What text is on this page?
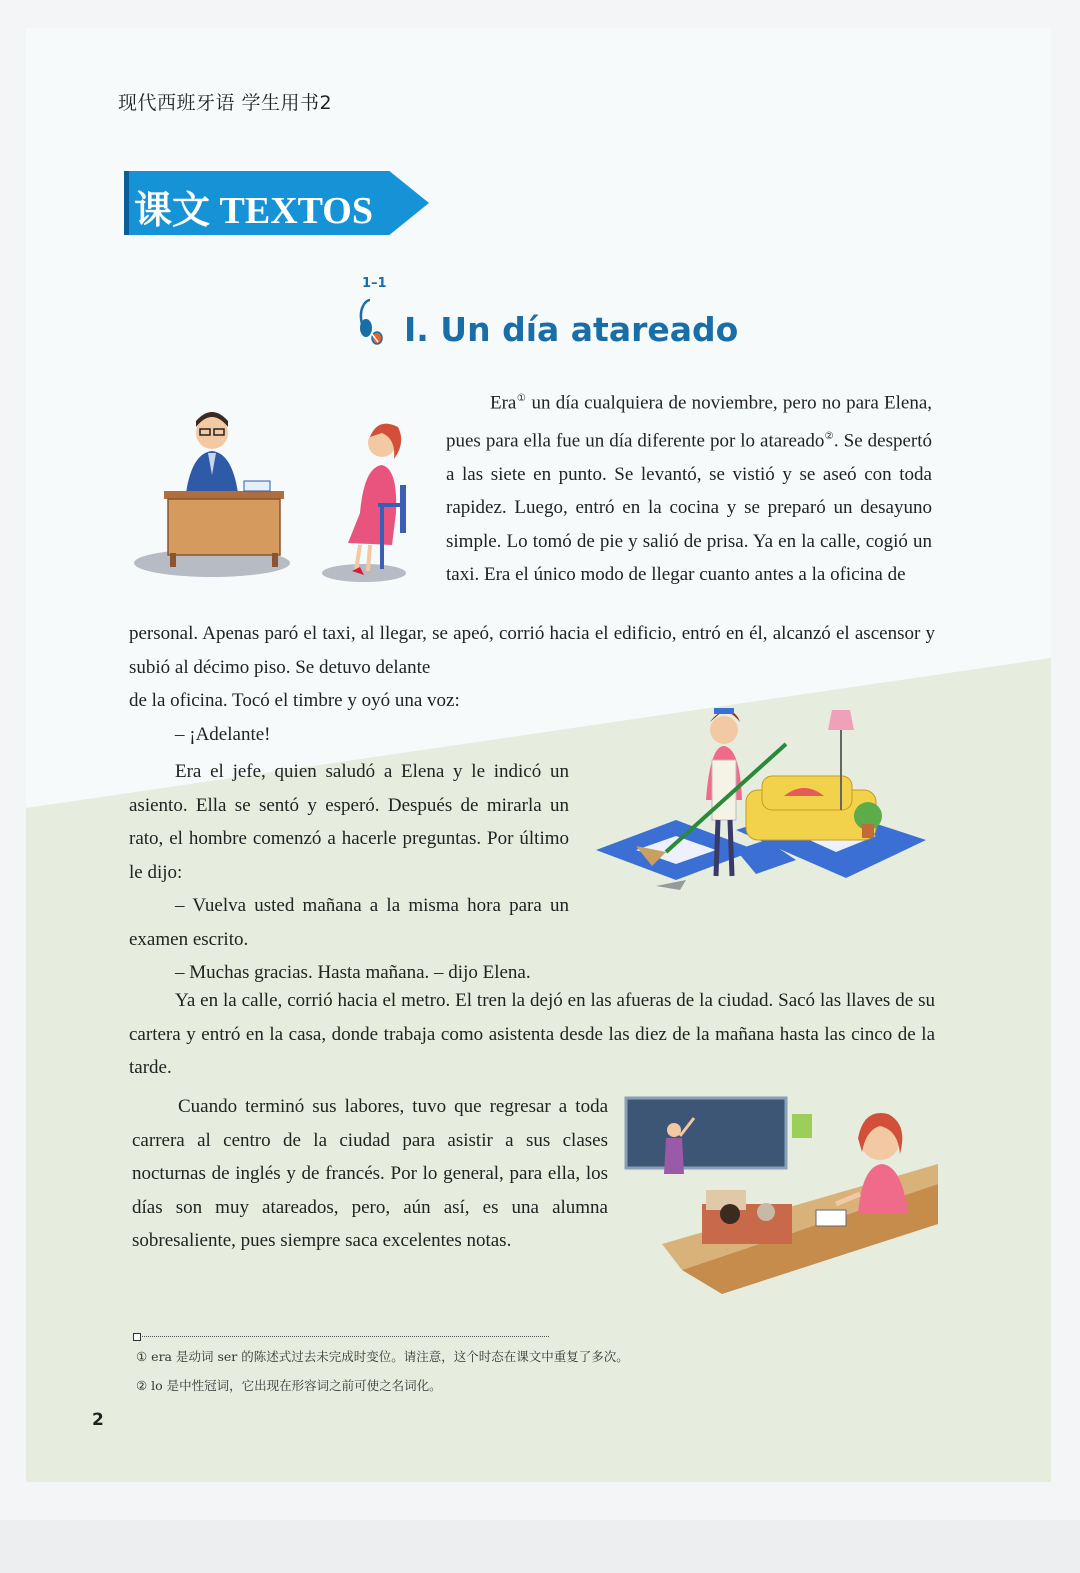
现代西班牙语 学生用书2
课文 TEXTOS
1–1
I. Un día atareado

Era① un día cualquiera de noviembre, pero no para Elena, pues para ella fue un día diferente por lo atareado②. Se despertó a las siete en punto. Se levantó, se vistió y se aseó con toda rapidez. Luego, entró en la cocina y se preparó un desayuno simple. Lo tomó de pie y salió de prisa. Ya en la calle, cogió un taxi. Era el único modo de llegar cuanto antes a la oficina de

personal. Apenas paró el taxi, al llegar, se apeó, corrió hacia el edificio, entró en él, alcanzó el ascensor y subió al décimo piso. Se detuvo delante

de la oficina. Tocó el timbre y oyó una voz:

– ¡Adelante!

Era el jefe, quien saludó a Elena y le indicó un asiento. Ella se sentó y esperó. Después de mirarla un rato, el hombre comenzó a hacerle preguntas. Por último le dijo:

– Vuelva usted mañana a la misma hora para un examen escrito.

– Muchas gracias. Hasta mañana. – dijo Elena.

Ya en la calle, corrió hacia el metro. El tren la dejó en las afueras de la ciudad. Sacó las llaves de su cartera y entró en la casa, donde trabaja como asistenta desde las diez de la mañana hasta las cinco de la tarde.

Cuando terminó sus labores, tuvo que regresar a toda carrera al centro de la ciudad para asistir a sus clases nocturnas de inglés y de francés. Por lo general, para ella, los días son muy atareados, pero, aún así, es una alumna sobresaliente, pues siempre saca excelentes notas.

① era 是动词 ser 的陈述式过去未完成时变位。请注意，这个时态在课文中重复了多次。
② lo 是中性冠词，它出现在形容词之前可使之名词化。
2
